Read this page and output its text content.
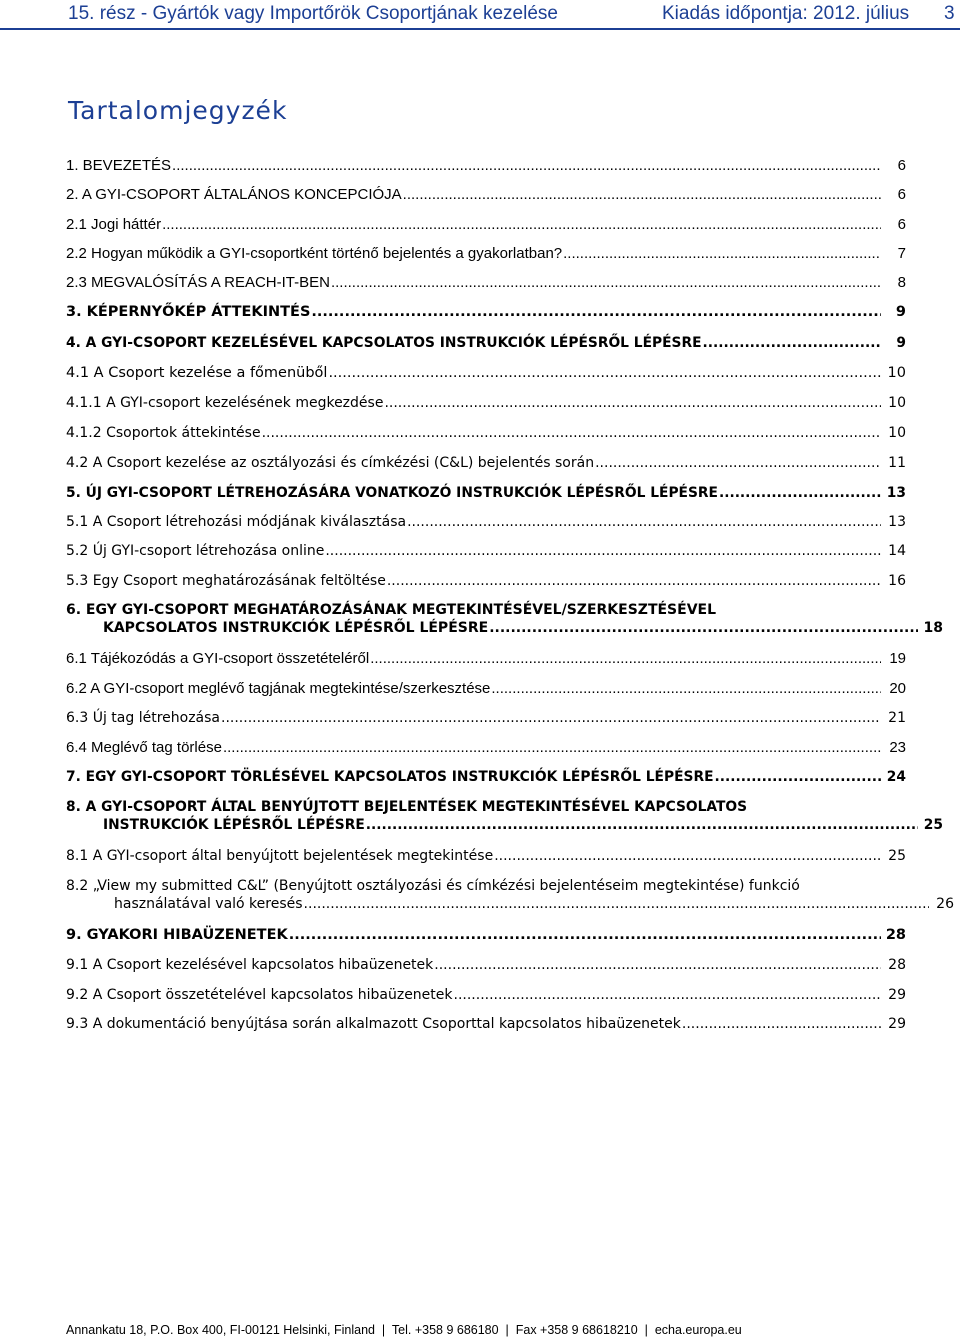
15. rész - Gyártók vagy Importőrök Csoportjának kezelése	Kiadás időpontja: 2012. július 3
Tartalomjegyzék
1. BEVEZETÉS .....	6
2. A GYI-CSOPORT ÁLTALÁNOS KONCEPCIÓJA .....	6
2.1 Jogi háttér .....	6
2.2 Hogyan működik a GYI-csoportként történő bejelentés a gyakorlatban? .....	7
2.3 MEGVALÓSÍTÁS A REACH-IT-BEN .....	8
3. KÉPERNYŐKÉP ÁTTEKINTÉS .....	9
4. A GYI-CSOPORT KEZELÉSÉVEL KAPCSOLATOS INSTRUKCIÓK LÉPÉSRŐL LÉPÉSRE .....	9
4.1 A Csoport kezelése a főmenüből .....	10
4.1.1 A GYI-csoport kezelésének megkezdése .....	10
4.1.2 Csoportok áttekintése .....	10
4.2 A Csoport kezelése az osztályozási és címkézési (C&L) bejelentés során .....	11
5. ÚJ GYI-CSOPORT LÉTREHOZÁSÁRA VONATKOZÓ INSTRUKCIÓK LÉPÉSRŐL LÉPÉSRE .....	13
5.1 A Csoport létrehozási módjának kiválasztása .....	13
5.2 Új GYI-csoport létrehozása online .....	14
5.3 Egy Csoport meghatározásának feltöltése .....	16
6. EGY GYI-CSOPORT MEGHATÁROZÁSÁNAK MEGTEKINTÉSÉVEL/SZERKESZTÉSÉVEL
KAPCSOLATOS INSTRUKCIÓK LÉPÉSRŐL LÉPÉSRE .....	18
6.1 Tájékozódás a GYI-csoport összetételéről .....	19
6.2 A GYI-csoport meglévő tagjának megtekintése/szerkesztése .....	20
6.3 Új tag létrehozása .....	21
6.4 Meglévő tag törlése .....	23
7. EGY GYI-CSOPORT TÖRLÉSÉVEL KAPCSOLATOS INSTRUKCIÓK LÉPÉSRŐL LÉPÉSRE .....	24
8. A GYI-CSOPORT ÁLTAL BENYÚJTOTT BEJELENTÉSEK MEGTEKINTÉSÉVEL KAPCSOLATOS
INSTRUKCIÓK LÉPÉSRŐL LÉPÉSRE .....	25
8.1 A GYI-csoport által benyújtott bejelentések megtekintése .....	25
8.2 „View my submitted C&L” (Benyújtott osztályozási és címkézési bejelentéseim megtekintése) funkció
használatával való keresés .....	26
9. GYAKORI HIBAÜZENETEK .....	28
9.1 A Csoport kezelésével kapcsolatos hibaüzenetek .....	28
9.2 A Csoport összetételével kapcsolatos hibaüzenetek .....	29
9.3 A dokumentáció benyújtása során alkalmazott Csoporttal kapcsolatos hibaüzenetek .....	29
Annankatu 18, P.O. Box 400, FI-00121 Helsinki, Finland  |  Tel. +358 9 686180  |  Fax +358 9 68618210  |  echa.europa.eu
